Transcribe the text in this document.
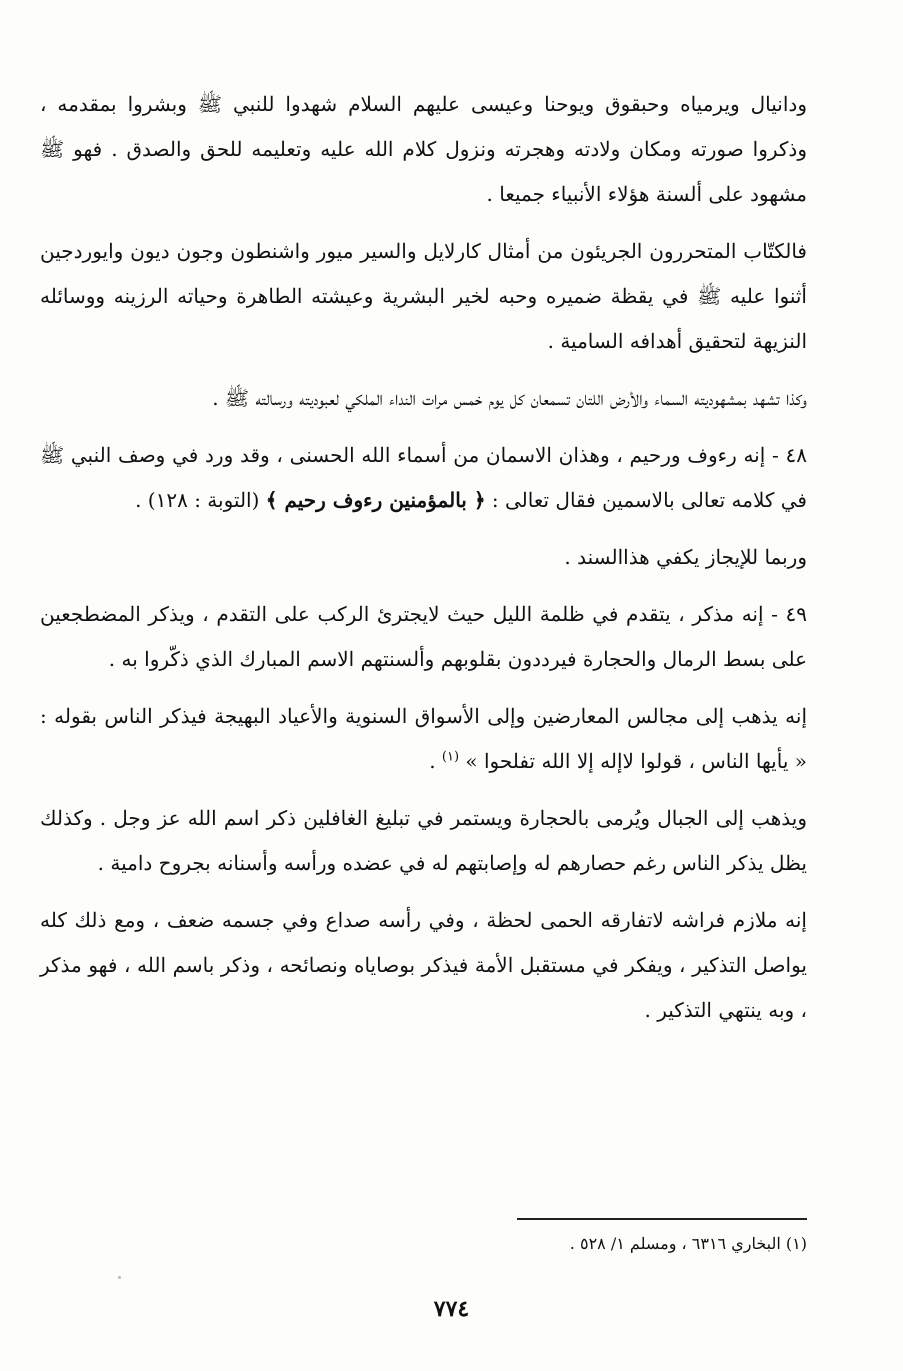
ودانيال ويرمياه وحبقوق ويوحنا وعيسى عليهم السلام شهدوا للنبي ﷺ وبشروا بمقدمه ، وذكروا صورته ومكان ولادته وهجرته ونزول كلام الله عليه وتعليمه للحق والصدق . فهو ﷺ مشهود على ألسنة هؤلاء الأنبياء جميعا .

فالكتّاب المتحررون الجريئون من أمثال كارلايل والسير ميور واشنطون وجون ديون وايوردجين أثنوا عليه ﷺ في يقظة ضميره وحبه لخير البشرية وعيشته الطاهرة وحياته الرزينه ووسائله النزيهة لتحقيق أهدافه السامية .

وكذا تشهد بمشهوديته السماء والأرض اللتان تسمعان كل يوم خمس مرات النداء الملكي لعبوديته ورسالته ﷺ .

٤٨ - إنه رءوف ورحيم ، وهذان الاسمان من أسماء الله الحسنى ، وقد ورد في وصف النبي ﷺ في كلامه تعالى بالاسمين فقال تعالى : ﴿ بالمؤمنين رءوف رحيم ﴾ (التوبة : ١٢٨) .

وربما للإيجاز يكفي هذاالسند .

٤٩ - إنه مذكر ، يتقدم في ظلمة الليل حيث لايجترئ الركب على التقدم ، ويذكر المضطجعين على بسط الرمال والحجارة فيرددون بقلوبهم وألسنتهم الاسم المبارك الذي ذكّروا به .

إنه يذهب إلى مجالس المعارضين وإلى الأسواق السنوية والأعياد البهيجة فيذكر الناس بقوله : « يأيها الناس ، قولوا لاإله إلا الله تفلحوا » $^{(١)}$ .

ويذهب إلى الجبال ويُرمى بالحجارة ويستمر في تبليغ الغافلين ذكر اسم الله عز وجل . وكذلك يظل يذكر الناس رغم حصارهم له وإصابتهم له في عضده ورأسه وأسنانه بجروح دامية .

إنه ملازم فراشه لاتفارقه الحمى لحظة ، وفي رأسه صداع وفي جسمه ضعف ، ومع ذلك كله يواصل التذكير ، ويفكر في مستقبل الأمة فيذكر بوصاياه ونصائحه ، وذكر باسم الله ، فهو مذكر ، وبه ينتهي التذكير .

(١) البخاري ٦٣١٦ ، ومسلم ١/ ٥٢٨ .
٧٧٤
